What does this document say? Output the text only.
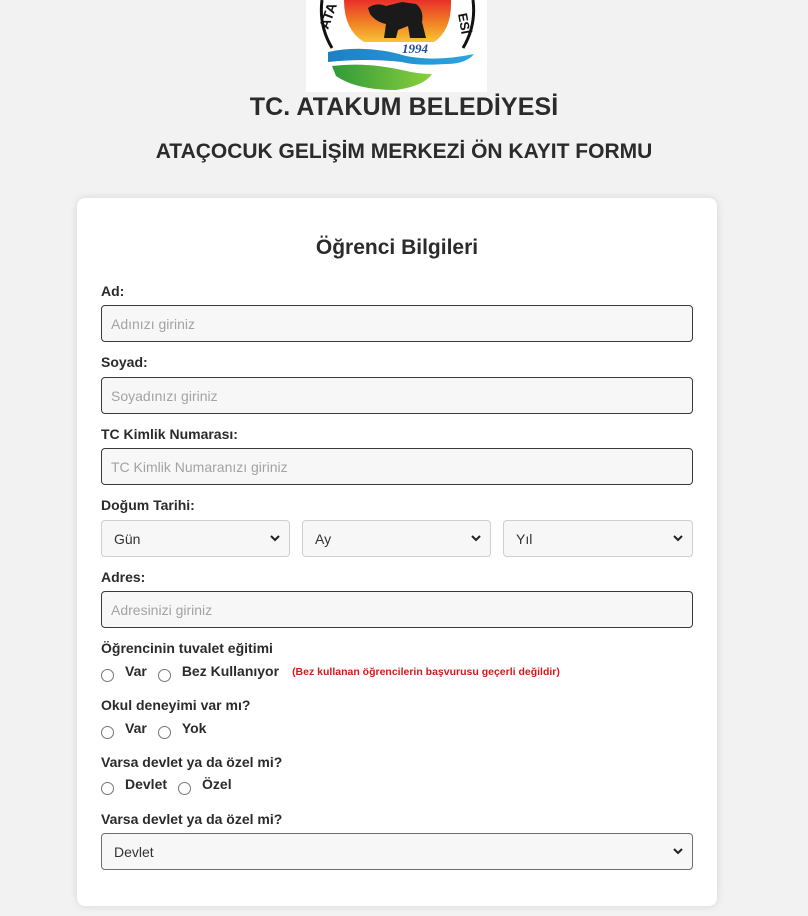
ATA	ESİ
1994
TC. ATAKUM BELEDİYESİ
ATAÇOCUK GELİŞİM MERKEZİ ÖN KAYIT FORMU
Öğrenci Bilgileri
Ad:
Adınızı giriniz
Soyad:
Soyadınızı giriniz
TC Kimlik Numarası:
TC Kimlik Numaranızı giriniz
Doğum Tarihi:
Gün	Ay	Yıl
Adres:
Adresinizi giriniz
Öğrencinin tuvalet eğitimi
Var	Bez Kullanıyor (Bez kullanan öğrencilerin başvurusu geçerli değildir)
Okul deneyimi var mı?
Var	Yok
Varsa devlet ya da özel mi?
Devlet	Özel
Varsa devlet ya da özel mi?
Devlet
